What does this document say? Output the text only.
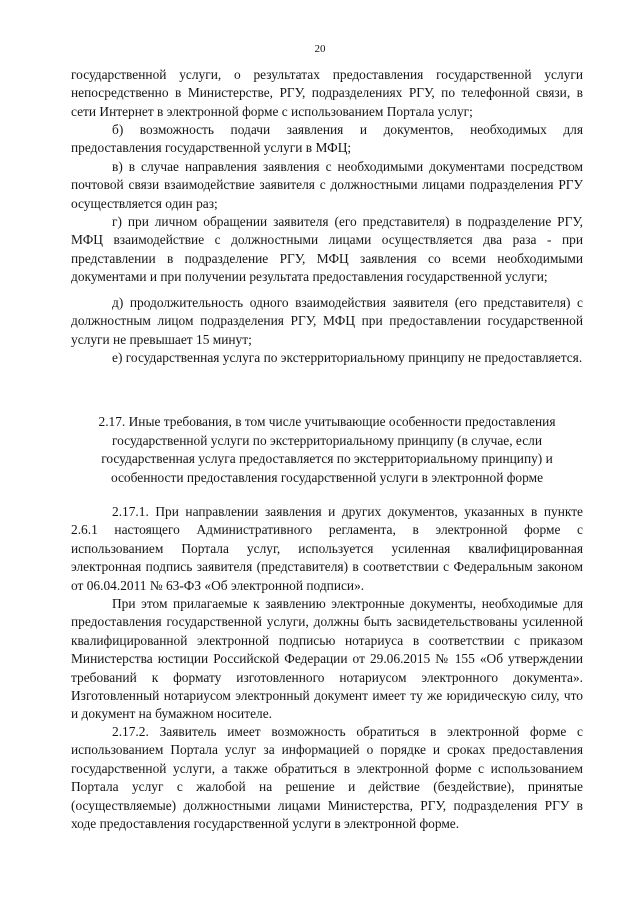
20

государственной услуги, о результатах предоставления государственной услуги непосредственно в Министерстве, РГУ, подразделениях РГУ, по телефонной связи, в сети Интернет в электронной форме с использованием Портала услуг;

б) возможность подачи заявления и документов, необходимых для предоставления государственной услуги в МФЦ;

в) в случае направления заявления с необходимыми документами посредством почтовой связи взаимодействие заявителя с должностными лицами подразделения РГУ осуществляется один раз;

г) при личном обращении заявителя (его представителя) в подразделение РГУ, МФЦ взаимодействие с должностными лицами осуществляется два раза - при представлении в подразделение РГУ, МФЦ заявления со всеми необходимыми документами и при получении результата предоставления государственной услуги;

д) продолжительность одного взаимодействия заявителя (его представителя) с должностным лицом подразделения РГУ, МФЦ при предоставлении государственной услуги не превышает 15 минут;

е) государственная услуга по экстерриториальному принципу не предоставляется.

2.17. Иные требования, в том числе учитывающие особенности предоставления государственной услуги по экстерриториальному принципу (в случае, если государственная услуга предоставляется по экстерриториальному принципу) и особенности предоставления государственной услуги в электронной форме

2.17.1. При направлении заявления и других документов, указанных в пункте 2.6.1 настоящего Административного регламента, в электронной форме с использованием Портала услуг, используется усиленная квалифицированная электронная подпись заявителя (представителя) в соответствии с Федеральным законом от 06.04.2011 № 63-ФЗ «Об электронной подписи».

При этом прилагаемые к заявлению электронные документы, необходимые для предоставления государственной услуги, должны быть засвидетельствованы усиленной квалифицированной электронной подписью нотариуса в соответствии с приказом Министерства юстиции Российской Федерации от 29.06.2015 № 155 «Об утверждении требований к формату изготовленного нотариусом электронного документа». Изготовленный нотариусом электронный документ имеет ту же юридическую силу, что и документ на бумажном носителе.

2.17.2. Заявитель имеет возможность обратиться в электронной форме с использованием Портала услуг за информацией о порядке и сроках предоставления государственной услуги, а также обратиться в электронной форме с использованием Портала услуг с жалобой на решение и действие (бездействие), принятые (осуществляемые) должностными лицами Министерства, РГУ, подразделения РГУ в ходе предоставления государственной услуги в электронной форме.
